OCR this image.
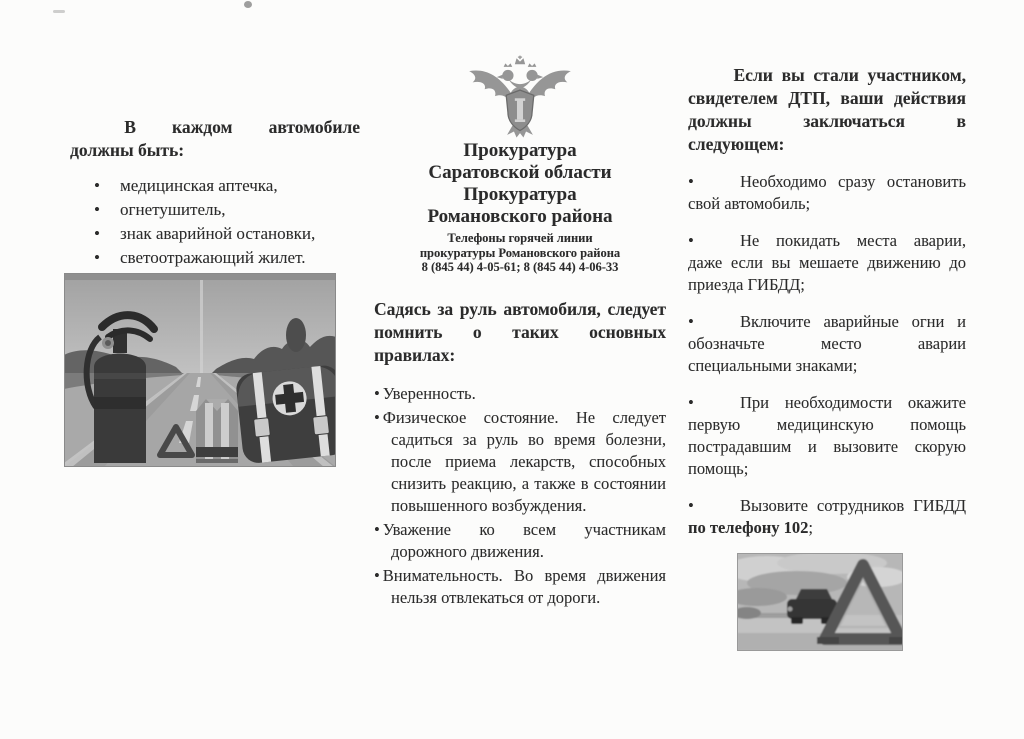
В каждом автомобиле должны быть:

• медицинская аптечка,
• огнетушитель,
• знак аварийной остановки,
• светоотражающий жилет.
Прокуратура
Саратовской области
Прокуратура
Романовского района
Телефоны горячей линии
прокуратуры Романовского района
8 (845 44) 4-05-61; 8 (845 44) 4-06-33

Садясь за руль автомобиля, следует помнить о таких основных правилах:

• Уверенность.

• Физическое состояние. Не следует садиться за руль во время болезни, после приема лекарств, способных снизить реакцию, а также в состоянии повышенного возбуждения.

• Уважение ко всем участникам дорожного движения.

• Внимательность. Во время движения нельзя отвлекаться от дороги.

Если вы стали участником, свидетелем ДТП, ваши действия должны заключаться в следующем:

•	Необходимо сразу остановить свой автомобиль;

•	Не покидать места аварии, даже если вы мешаете движению до приезда ГИБДД;

•	Включите аварийные огни и обозначьте место аварии специальными знаками;

•	При необходимости окажите первую медицинскую помощь пострадавшим и вызовите скорую помощь;

•	Вызовите сотрудников ГИБДД по телефону 102;
